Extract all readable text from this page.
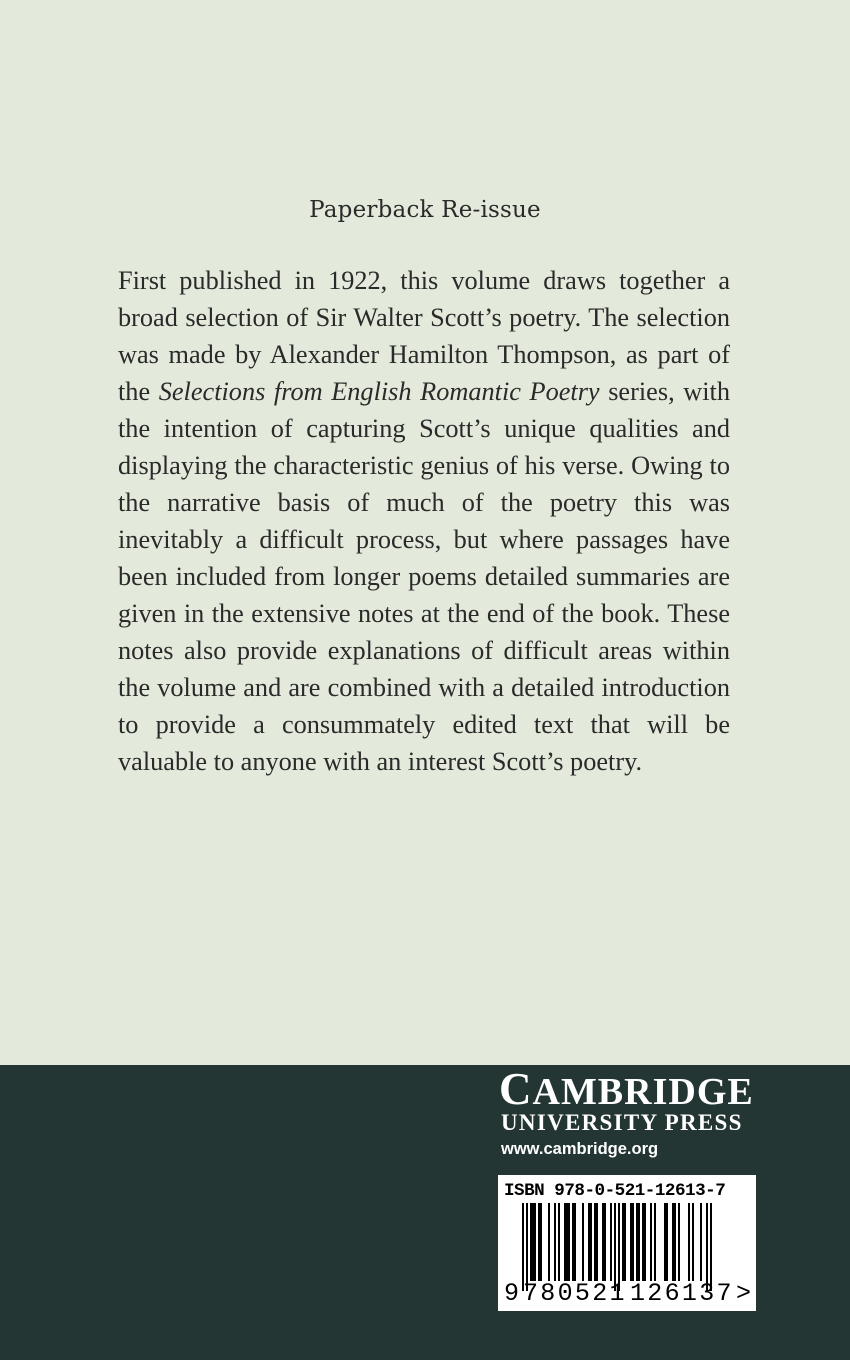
Paperback Re-issue

First published in 1922, this volume draws together a broad selection of Sir Walter Scott’s poetry. The selection was made by Alexander Hamilton Thompson, as part of the Selections from English Romantic Poetry series, with the intention of capturing Scott’s unique qualities and displaying the characteristic genius of his verse. Owing to the narrative basis of much of the poetry this was inevitably a difficult process, but where passages have been included from longer poems detailed summaries are given in the extensive notes at the end of the book. These notes also provide explanations of difficult areas within the volume and are combined with a detailed introduction to provide a consummately edited text that will be valuable to anyone with an interest Scott’s poetry.

CAMBRIDGE
UNIVERSITY PRESS
www.cambridge.org
ISBN 978-0-521-12613-7
9 780521 126137 >
